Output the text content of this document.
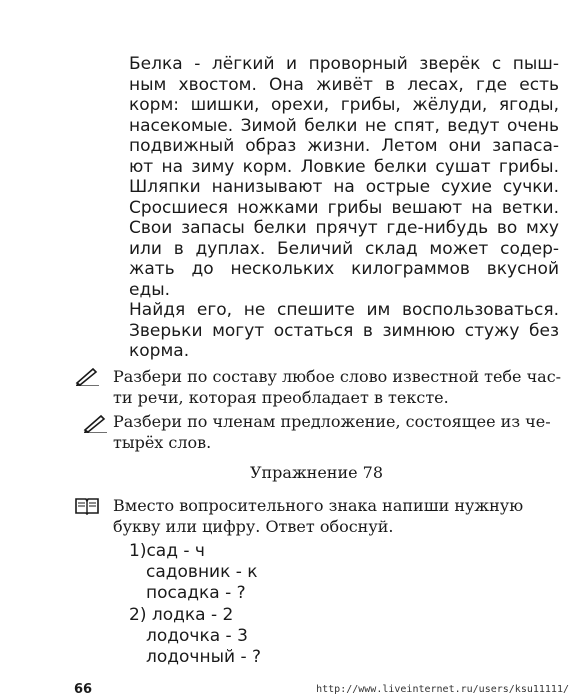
Белка - лёгкий и проворный зверёк с пыш-
ным хвостом. Она живёт в лесах, где есть
корм: шишки, орехи, грибы, жёлуди, ягоды,
насекомые. Зимой белки не спят, ведут очень
подвижный образ жизни. Летом они запаса-
ют на зиму корм. Ловкие белки сушат грибы.
Шляпки нанизывают на острые сухие сучки.
Сросшиеся ножками грибы вешают на ветки.
Свои запасы белки прячут где-нибудь во мху
или в дуплах. Беличий склад может содер-
жать до нескольких килограммов вкусной еды.
Найдя его, не спешите им воспользоваться.
Зверьки могут остаться в зимнюю стужу без
корма.
Разбери по составу любое слово известной тебе час-
ти речи, которая преобладает в тексте.
Разбери по членам предложение, состоящее из че-
тырёх слов.
Упражнение 78
Вместо вопросительного знака напиши нужную
букву или цифру. Ответ обоснуй.
1)сад - ч
садовник - к
посадка - ?
2) лодка - 2
лодочка - 3
лодочный - ?
66	http://www.liveinternet.ru/users/ksu11111/
